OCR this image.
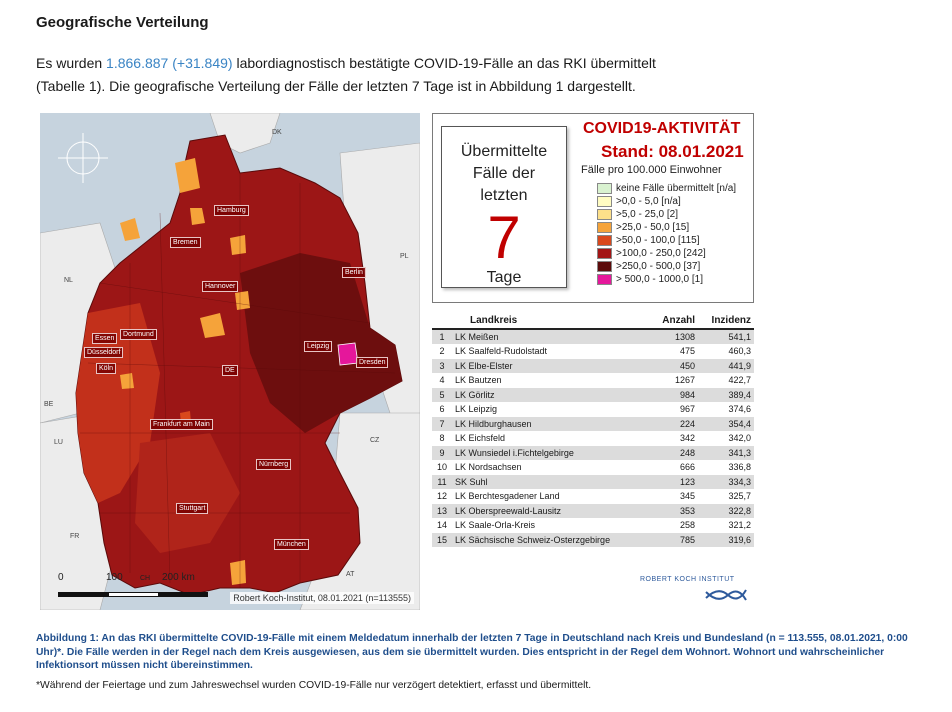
Geografische Verteilung
Es wurden 1.866.887 (+31.849) labordiagnostisch bestätigte COVID-19-Fälle an das RKI übermittelt
(Tabelle 1). Die geografische Verteilung der Fälle der letzten 7 Tage ist in Abbildung 1 dargestellt.
DK
NL
PL
BE
LU	CZ
FR
AT
Hamburg
Bremen
Hannover
Berlin
Essen
Dortmund
Düsseldorf
Köln
Leipzig
Dresden
DE
Frankfurt am Main
Nürnberg
Stuttgart
München
0	100 CH 200 km
Robert Koch-Institut, 08.01.2021 (n=113555)
Übermittelte
Fälle der
letzten
7
Tage
COVID19-AKTIVITÄT
Stand: 08.01.2021
Fälle pro 100.000 Einwohner
keine Fälle übermittelt [n/a]
>0,0 - 5,0 [n/a]
>5,0 - 25,0 [2]
>25,0 - 50,0 [15]
>50,0 - 100,0 [115]
>100,0 - 250,0 [242]
>250,0 - 500,0 [37]
> 500,0 - 1000,0 [1]
	Landkreis	Anzahl	Inzidenz
1	LK Meißen	1308	541,1
2	LK Saalfeld-Rudolstadt	475	460,3
3	LK Elbe-Elster	450	441,9
4	LK Bautzen	1267	422,7
5	LK Görlitz	984	389,4
6	LK Leipzig	967	374,6
7	LK Hildburghausen	224	354,4
8	LK Eichsfeld	342	342,0
9	LK Wunsiedel i.Fichtelgebirge	248	341,3
10	LK Nordsachsen	666	336,8
11	SK Suhl	123	334,3
12	LK Berchtesgadener Land	345	325,7
13	LK Oberspreewald-Lausitz	353	322,8
14	LK Saale-Orla-Kreis	258	321,2
15	LK Sächsische Schweiz-Osterzgebirge	785	319,6
ROBERT KOCH INSTITUT
Abbildung 1: An das RKI übermittelte COVID-19-Fälle mit einem Meldedatum innerhalb der letzten 7 Tage in Deutschland nach Kreis und Bundesland (n = 113.555, 08.01.2021, 0:00 Uhr)*. Die Fälle werden in der Regel nach dem Kreis ausgewiesen, aus dem sie übermittelt wurden. Dies entspricht in der Regel dem Wohnort. Wohnort und wahrscheinlicher Infektionsort müssen nicht übereinstimmen.
*Während der Feiertage und zum Jahreswechsel wurden COVID-19-Fälle nur verzögert detektiert, erfasst und übermittelt.
